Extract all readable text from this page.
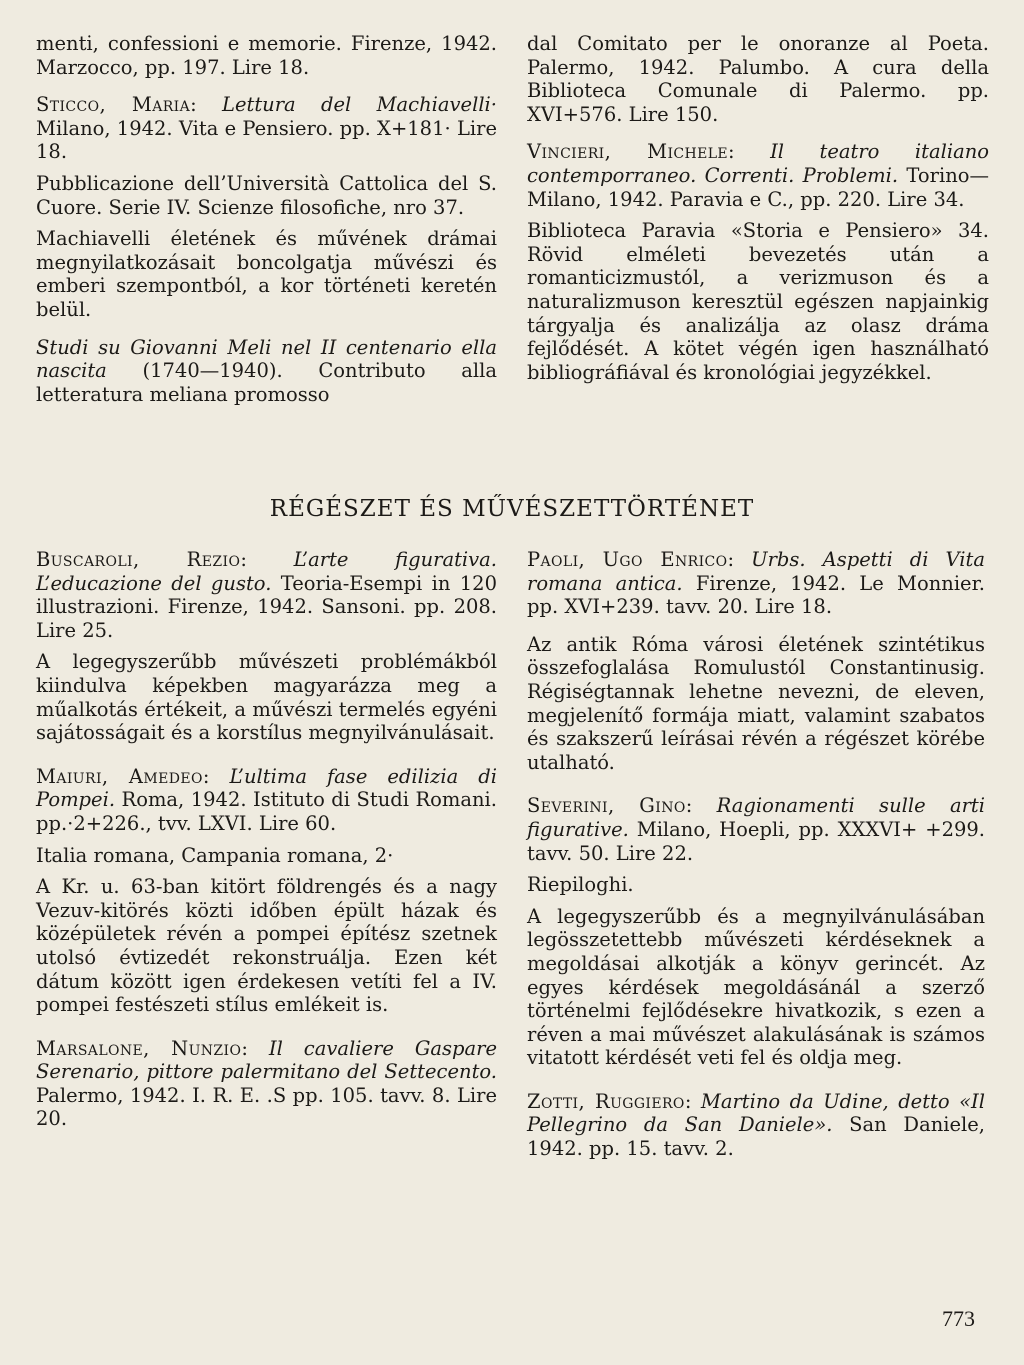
menti, confessioni e memorie. Firenze, 1942. Marzocco, pp. 197. Lire 18.

Sticco, Maria: Lettura del Machiavelli· Milano, 1942. Vita e Pensiero. pp. X+181· Lire 18.

Pubblicazione dell’Università Cattolica del S. Cuore. Serie IV. Scienze filosofiche, nro 37.

Machiavelli életének és művének drámai megnyilatkozásait boncolgatja művészi és emberi szempontból, a kor történeti keretén belül.

Studi su Giovanni Meli nel II centenario ella nascita (1740—1940). Contributo alla letteratura meliana promosso

dal Comitato per le onoranze al Poeta. Palermo, 1942. Palumbo. A cura della Biblioteca Comunale di Palermo. pp. XVI+576. Lire 150.

Vincieri, Michele: Il teatro italiano contemporraneo. Correnti. Problemi. Torino—Milano, 1942. Paravia e C., pp. 220. Lire 34.

Biblioteca Paravia «Storia e Pensiero» 34. Rövid elméleti bevezetés után a romanticizmustól, a verizmuson és a naturalizmuson keresztül egészen napjainkig tárgyalja és analizálja az olasz dráma fejlődését. A kötet végén igen használható bibliográfiával és kronológiai jegyzékkel.

RÉGÉSZET ÉS MŰVÉSZETTÖRTÉNET

Buscaroli, Rezio: L’arte figurativa. L’educazione del gusto. Teoria-Esempi in 120 illustrazioni. Firenze, 1942. Sansoni. pp. 208. Lire 25.

A legegyszerűbb művészeti problémákból kiindulva képekben magyarázza meg a műalkotás értékeit, a művészi termelés egyéni sajátosságait és a korstílus megnyilvánulásait.

Maiuri, Amedeo: L’ultima fase edilizia di Pompei. Roma, 1942. Istituto di Studi Romani. pp.·2+226., tvv. LXVI. Lire 60.

Italia romana, Campania romana, 2·

A Kr. u. 63-ban kitört földrengés és a nagy Vezuv-kitörés közti időben épült házak és középületek révén a pompei építész szetnek utolsó évtizedét rekonstruálja. Ezen két dátum között igen érdekesen vetíti fel a IV. pompei festészeti stílus emlékeit is.

Marsalone, Nunzio: Il cavaliere Gaspare Serenario, pittore palermitano del Settecento. Palermo, 1942. I. R. E. .S pp. 105. tavv. 8. Lire 20.

Paoli, Ugo Enrico: Urbs. Aspetti di Vita romana antica. Firenze, 1942. Le Monnier. pp. XVI+239. tavv. 20. Lire 18.

Az antik Róma városi életének szintétikus összefoglalása Romulustól Constantinusig. Régiségtannak lehetne nevezni, de eleven, megjelenítő formája miatt, valamint szabatos és szakszerű leírásai révén a régészet körébe utalható.

Severini, Gino: Ragionamenti sulle arti figurative. Milano, Hoepli, pp. XXXVI+ +299. tavv. 50. Lire 22.

Riepiloghi.

A legegyszerűbb és a megnyilvánulásában legösszetettebb művészeti kérdéseknek a megoldásai alkotják a könyv gerincét. Az egyes kérdések megoldásánál a szerző történelmi fejlődésekre hivatkozik, s ezen a réven a mai művészet alakulásának is számos vitatott kérdését veti fel és oldja meg.

Zotti, Ruggiero: Martino da Udine, detto «Il Pellegrino da San Daniele». San Daniele, 1942. pp. 15. tavv. 2.

773
